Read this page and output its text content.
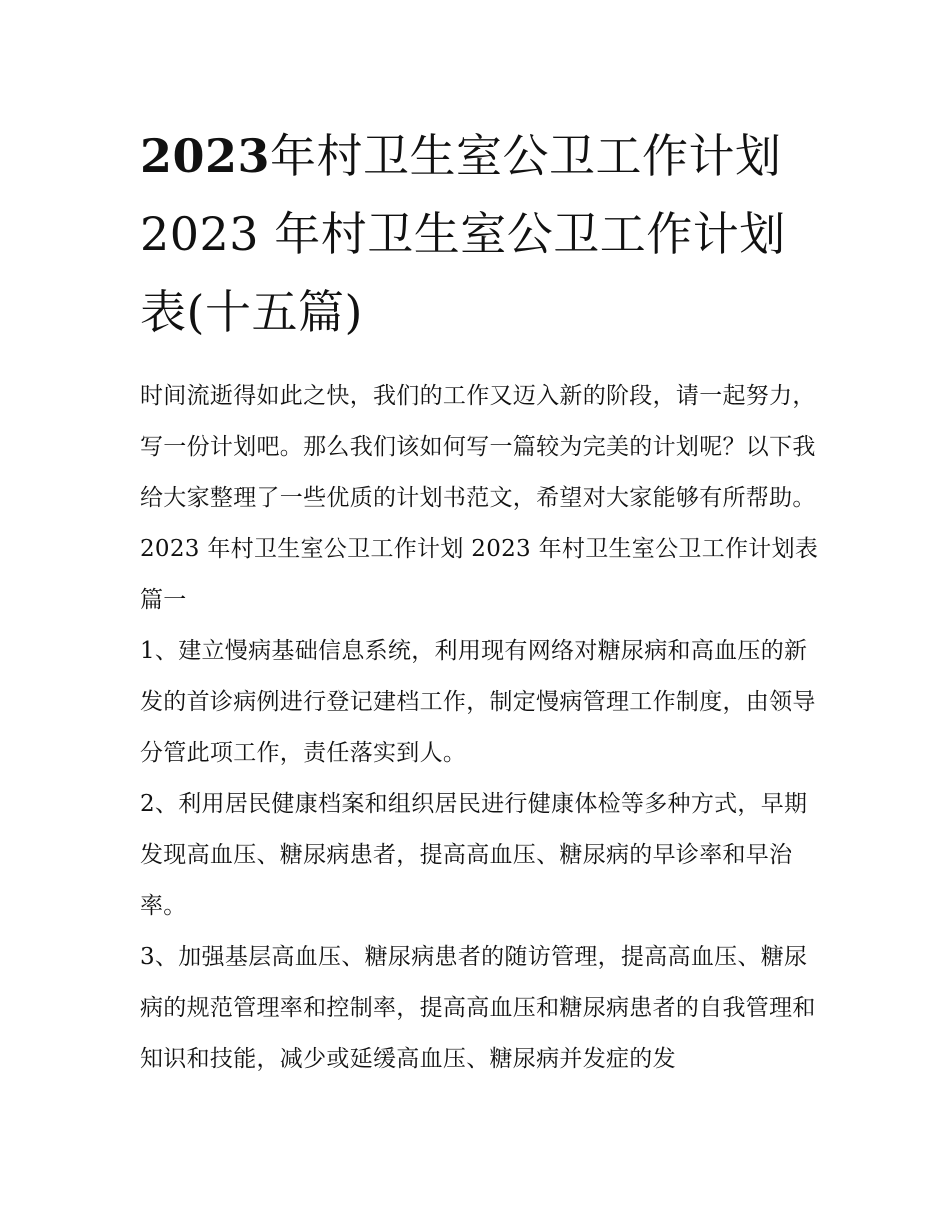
2023年村卫生室公卫工作计划 2023 年村卫生室公卫工作计划表(十五篇)

时间流逝得如此之快，我们的工作又迈入新的阶段，请一起努力，写一份计划吧。那么我们该如何写一篇较为完美的计划呢？以下我给大家整理了一些优质的计划书范文，希望对大家能够有所帮助。

2023 年村卫生室公卫工作计划 2023 年村卫生室公卫工作计划表篇一

1、建立慢病基础信息系统，利用现有网络对糖尿病和高血压的新发的首诊病例进行登记建档工作，制定慢病管理工作制度，由领导分管此项工作，责任落实到人。

2、利用居民健康档案和组织居民进行健康体检等多种方式，早期发现高血压、糖尿病患者，提高高血压、糖尿病的早诊率和早治率。

3、加强基层高血压、糖尿病患者的随访管理，提高高血压、糖尿病的规范管理率和控制率，提高高血压和糖尿病患者的自我管理和知识和技能，减少或延缓高血压、糖尿病并发症的发
